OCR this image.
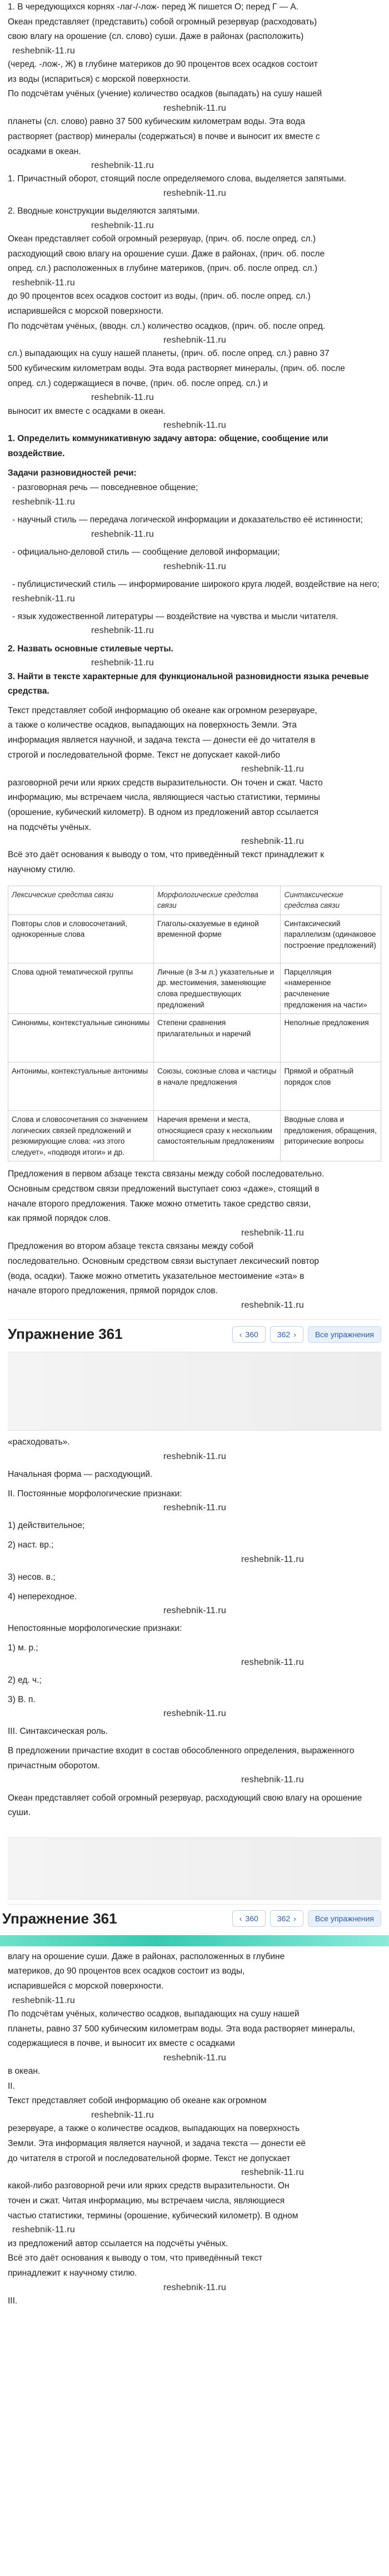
1. В чередующихся корнях -лаг-/-лож- перед Ж пишется О; перед Г — А.

Океан представляет (представить) собой огромный резервуар (расходовать)

свою влагу на орошение (сл. слово) суши. Даже в районах (расположить)

reshebnik-11.ru

(черед. -лож-, Ж) в глубине материков до 90 процентов всех осадков состоит

из воды (испариться) с морской поверхности.

По подсчётам учёных (учение) количество осадков (выпадать) на сушу нашей

reshebnik-11.ru

планеты (сл. слово) равно 37 500 кубическим километрам воды. Эта вода

растворяет (раствор) минералы (содержаться) в почве и выносит их вместе с

осадками в океан.

reshebnik-11.ru

1. Причастный оборот, стоящий после определяемого слова, выделяется запятыми.

reshebnik-11.ru

2. Вводные конструкции выделяются запятыми.

reshebnik-11.ru

Океан представляет собой огромный резервуар, (прич. об. после опред. сл.)

расходующий свою влагу на орошение суши. Даже в районах, (прич. об. после

опред. сл.) расположенных в глубине материков, (прич. об. после опред. сл.)

reshebnik-11.ru

до 90 процентов всех осадков состоит из воды, (прич. об. после опред. сл.)

испарившейся с морской поверхности.

По подсчётам учёных, (вводн. сл.) количество осадков, (прич. об. после опред.

reshebnik-11.ru

сл.) выпадающих на сушу нашей планеты, (прич. об. после опред. сл.) равно 37

500 кубическим километрам воды. Эта вода растворяет минералы, (прич. об. после

опред. сл.) содержащиеся в почве, (прич. об. после опред. сл.) и

reshebnik-11.ru

выносит их вместе с осадками в океан.

reshebnik-11.ru

1. Определить коммуникативную задачу автора: общение, сообщение или воздействие.

Задачи разновидностей речи:

- разговорная речь — повседневное общение;

reshebnik-11.ru

- научный стиль — передача логической информации и доказательство её истинности;

reshebnik-11.ru

- официально-деловой стиль — сообщение деловой информации;

reshebnik-11.ru

- публицистический стиль — информирование широкого круга людей, воздействие на него;

reshebnik-11.ru

- язык художественной литературы — воздействие на чувства и мысли читателя.

reshebnik-11.ru

2. Назвать основные стилевые черты.

reshebnik-11.ru

3. Найти в тексте характерные для функциональной разновидности языка речевые средства.

Текст представляет собой информацию об океане как огромном резервуаре,

а также о количестве осадков, выпадающих на поверхность Земли. Эта

информация является научной, и задача текста — донести её до читателя в

строгой и последовательной форме. Текст не допускает какой-либо

reshebnik-11.ru

разговорной речи или ярких средств выразительности. Он точен и сжат. Часто

информацию, мы встречаем числа, являющиеся частью статистики, термины

(орошение, кубический километр). В одном из предложений автор ссылается

на подсчёты учёных.

reshebnik-11.ru

Всё это даёт основания к выводу о том, что приведённый текст принадлежит к

научному стилю.

Лексические средства связи	Морфологические средства связи	Синтаксические средства связи
Повторы слов и словосочетаний, однокоренные слова	Глаголы-сказуемые в единой временной форме	Синтаксический параллелизм (одинаковое построение предложений)
Слова одной тематической группы	Личные (в 3-м л.) указательные и др. местоимения, заменяющие слова предшествующих предложений	Парцелляция «намеренное расчленение предложения на части»
Синонимы, контекстуальные синонимы	Степени сравнения прилагательных и наречий	Неполные предложения
Антонимы, контекстуальные антонимы	Союзы, союзные слова и частицы в начале предложения	Прямой и обратный порядок слов
Слова и словосочетания со значением логических связей предложений и резюмирующие слова: «из этого следует», «подводя итоги» и др.	Наречия времени и места, относящиеся сразу к нескольким самостоятельным предложениям	Вводные слова и предложения, обращения, риторические вопросы

Предложения в первом абзаце текста связаны между собой последовательно.

Основным средством связи предложений выступает союз «даже», стоящий в

начале второго предложения. Также можно отметить такое средство связи,

как прямой порядок слов.

reshebnik-11.ru

Предложения во втором абзаце текста связаны между собой

последовательно. Основным средством связи выступает лексический повтор

(вода, осадки). Также можно отметить указательное местоимение «эта» в

начале второго предложения, прямой порядок слов.

reshebnik-11.ru
Упражнение 361	‹ 360 362 ›	Все упражнения

«расходовать».

reshebnik-11.ru

Начальная форма — расходующий.

II. Постоянные морфологические признаки:

reshebnik-11.ru

1) действительное;

2) наст. вр.;

reshebnik-11.ru

3) несов. в.;

4) непереходное.

reshebnik-11.ru

Непостоянные морфологические признаки:

1) м. р.;

reshebnik-11.ru

2) ед. ч.;

3) В. п.

reshebnik-11.ru

III. Синтаксическая роль.

В предложении причастие входит в состав обособленного определения, выраженного причастным оборотом.

reshebnik-11.ru

Океан представляет собой огромный резервуар, расходующий свою влагу на орошение суши.

Упражнение 361	‹ 360 362 ›	Все упражнения

влагу на орошение суши. Даже в районах, расположенных в глубине

материков, до 90 процентов всех осадков состоит из воды,

испарившейся с морской поверхности.

reshebnik-11.ru

По подсчётам учёных, количество осадков, выпадающих на сушу нашей

планеты, равно 37 500 кубическим километрам воды. Эта вода растворяет минералы,

содержащиеся в почве, и выносит их вместе с осадками

reshebnik-11.ru

в океан.

II.

Текст представляет собой информацию об океане как огромном

reshebnik-11.ru

резервуаре, а также о количестве осадков, выпадающих на поверхность

Земли. Эта информация является научной, и задача текста — донести её

до читателя в строгой и последовательной форме. Текст не допускает

reshebnik-11.ru

какой-либо разговорной речи или ярких средств выразительности. Он

точен и сжат. Читая информацию, мы встречаем числа, являющиеся

частью статистики, термины (орошение, кубический километр). В одном

reshebnik-11.ru

из предложений автор ссылается на подсчёты учёных.

Всё это даёт основания к выводу о том, что приведённый текст

принадлежит к научному стилю.

reshebnik-11.ru

III.
